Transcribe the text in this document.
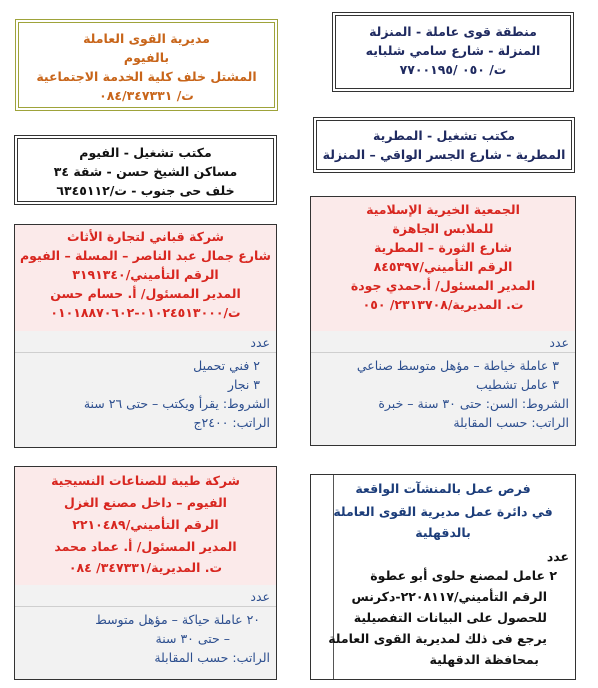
منطقة قوى عاملة - المنزلة
المنزلة - شارع سامي شلبايه
ت/ ٠٥٠ /٧٧٠٠١٩٥
مديرية القوى العاملة
بالفيوم
المشتل خلف كلية الخدمة الاجتماعية
ت/ ٠٨٤/٣٤٧٣٣١
مكتب تشغيل - المطرية
المطرية - شارع الجسر الواقي – المنزلة
مكتب تشغيل - الفيوم
مساكن الشيخ حسن - شقة ٣٤
خلف حى جنوب - ت/٦٣٤٥١١٢
الجمعية الخيرية الإسلامية
للملابس الجاهزة
شارع الثورة – المطرية
الرقم التأميني/٨٤٥٣٩٧
المدير المسئول/ أ.حمدي جودة
ت. المديرية/٢٣١٣٧٠٨/ ٠٥٠
عدد
٣ عاملة خياطة – مؤهل متوسط صناعي
٣ عامل تشطيب
الشروط: السن: حتى ٣٠ سنة – خبرة
الراتب: حسب المقابلة
شركة قباني لتجارة الأثاث
شارع جمال عبد الناصر – المسلة – الفيوم
الرقم التأميني/٣١٩١٣٤٠
المدير المسئول/ أ. حسام حسن
ت/٠١٠٢٤٥١٣٠٠٠-٠١٠١٨٨٧٠٦٠٢
عدد
٢ فني تحميل
٣ نجار
الشروط: يقرأ ويكتب – حتى ٢٦ سنة
الراتب: ٢٤٠٠ج
شركة طيبة للصناعات النسيجية
الفيوم – داخل مصنع الغزل
الرقم التأميني/٢٢١٠٤٨٩
المدير المسئول/ أ. عماد محمد
ت. المديرية/٣٤٧٣٣١/ ٠٨٤
عدد
٢٠ عاملة حياكة – مؤهل متوسط
– حتى ٣٠ سنة
الراتب: حسب المقابلة
فرص عمل بالمنشآت الواقعة
في دائرة عمل مديرية القوى العاملة
بالدقهلية
عدد
٢ عامل لمصنع حلوى أبو عطوة
الرقم التأميني/٢٢٠٨١١٧-دكرنس
للحصول على البيانات التفصيلية
يرجع فى ذلك لمديرية القوى العاملة
بمحافظة الدقهلية
